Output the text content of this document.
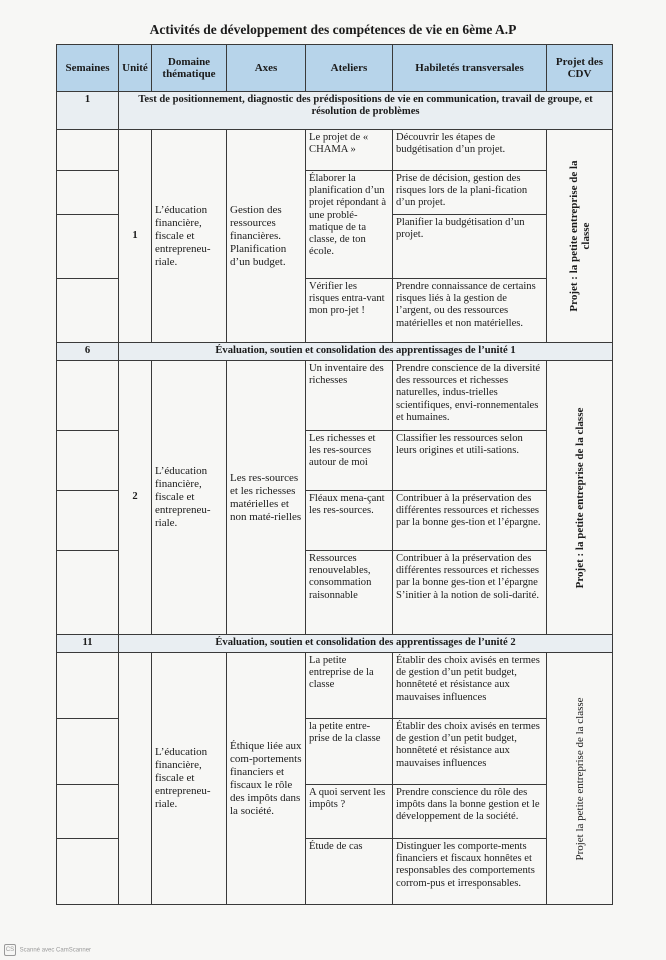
Activités de développement des compétences de vie en 6ème A.P
Semaines	Unité	Domaine thématique	Axes	Ateliers	Habiletés transversales	Projet des CDV
1	Test de positionnement, diagnostic des prédispositions de vie en communication, travail de groupe, et résolution de problèmes					
	1	L’éducation financière, fiscale et entrepreneu-riale.	Gestion des ressources financières. Planification d’un budget.	Le projet de « CHAMA »	Découvrir les étapes de budgétisation d’un projet.	Projet : la petite entreprise de la classe

				Élaborer la planification d’un projet répondant à une problé-matique de ta classe, de ton école.	Prise de décision, gestion des risques lors de la plani-fication d’un projet.	
					Planifier la budgétisation d’un projet.	
				Vérifier les risques entra-vant mon pro-jet !	Prendre connaissance de certains risques liés à la gestion de l’argent, ou des ressources matérielles et non matérielles.	
6	Évaluation, soutien et consolidation des apprentissages de l’unité 1					
	2	L’éducation financière, fiscale et entrepreneu-riale.	Les res-sources et les richesses matérielles et non maté-rielles	Un inventaire des richesses	Prendre conscience de la diversité des ressources et richesses naturelles, indus-trielles scientifiques, envi-ronnementales et humaines.	Projet : la petite entreprise de la classe

				Les richesses et les res-sources autour de moi	Classifier les ressources selon leurs origines et utili-sations.	
				Fléaux mena-çant les res-sources.	Contribuer à la préservation des différentes ressources et richesses par la bonne ges-tion et l’épargne.	
				Ressources renouvelables, consommation raisonnable	Contribuer à la préservation des différentes ressources et richesses par la bonne ges-tion et l’épargne S’initier à la notion de soli-darité.	
11	Évaluation, soutien et consolidation des apprentissages de l’unité 2					
		L’éducation financière, fiscale et entrepreneu-riale.	Éthique liée aux com-portements financiers et fiscaux le rôle des impôts dans la société.	La petite entreprise de la classe	Établir des choix avisés en termes de gestion d’un petit budget, honnêteté et résistance aux mauvaises influences	Projet la petite entreprise de la classe

				la petite entre-prise de la classe	Établir des choix avisés en termes de gestion d’un petit budget, honnêteté et résistance aux mauvaises influences	
				A quoi servent les impôts ?	Prendre conscience du rôle des impôts dans la bonne gestion et le développement de la société.	
				Étude de cas	Distinguer les comporte-ments financiers et fiscaux honnêtes et responsables des comportements corrom-pus et irresponsables.	
CS Scanné avec CamScanner
